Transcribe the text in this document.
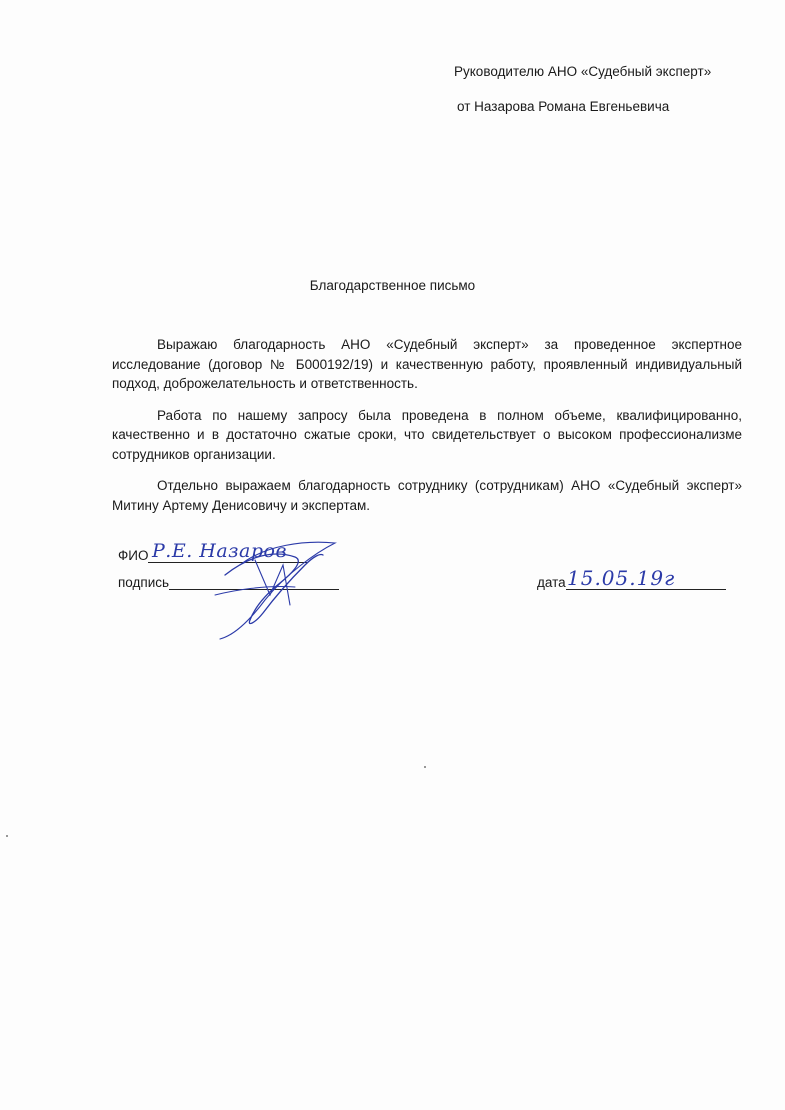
Руководителю АНО «Судебный эксперт»
от Назарова Романа Евгеньевича
Благодарственное письмо

Выражаю благодарность АНО «Судебный эксперт» за проведенное экспертное исследование (договор № Б000192/19) и качественную работу, проявленный индивидуальный подход, доброжелательность и ответственность.

Работа по нашему запросу была проведена в полном объеме, квалифицированно, качественно и в достаточно сжатые сроки, что свидетельствует о высоком профессионализме сотрудников организации.

Отдельно выражаем благодарность сотруднику (сотрудникам) АНО «Судебный эксперт» Митину Артему Денисовичу и экспертам.

ФИО
подпись
Р.Е. Назаров
дата 15.05.19г
